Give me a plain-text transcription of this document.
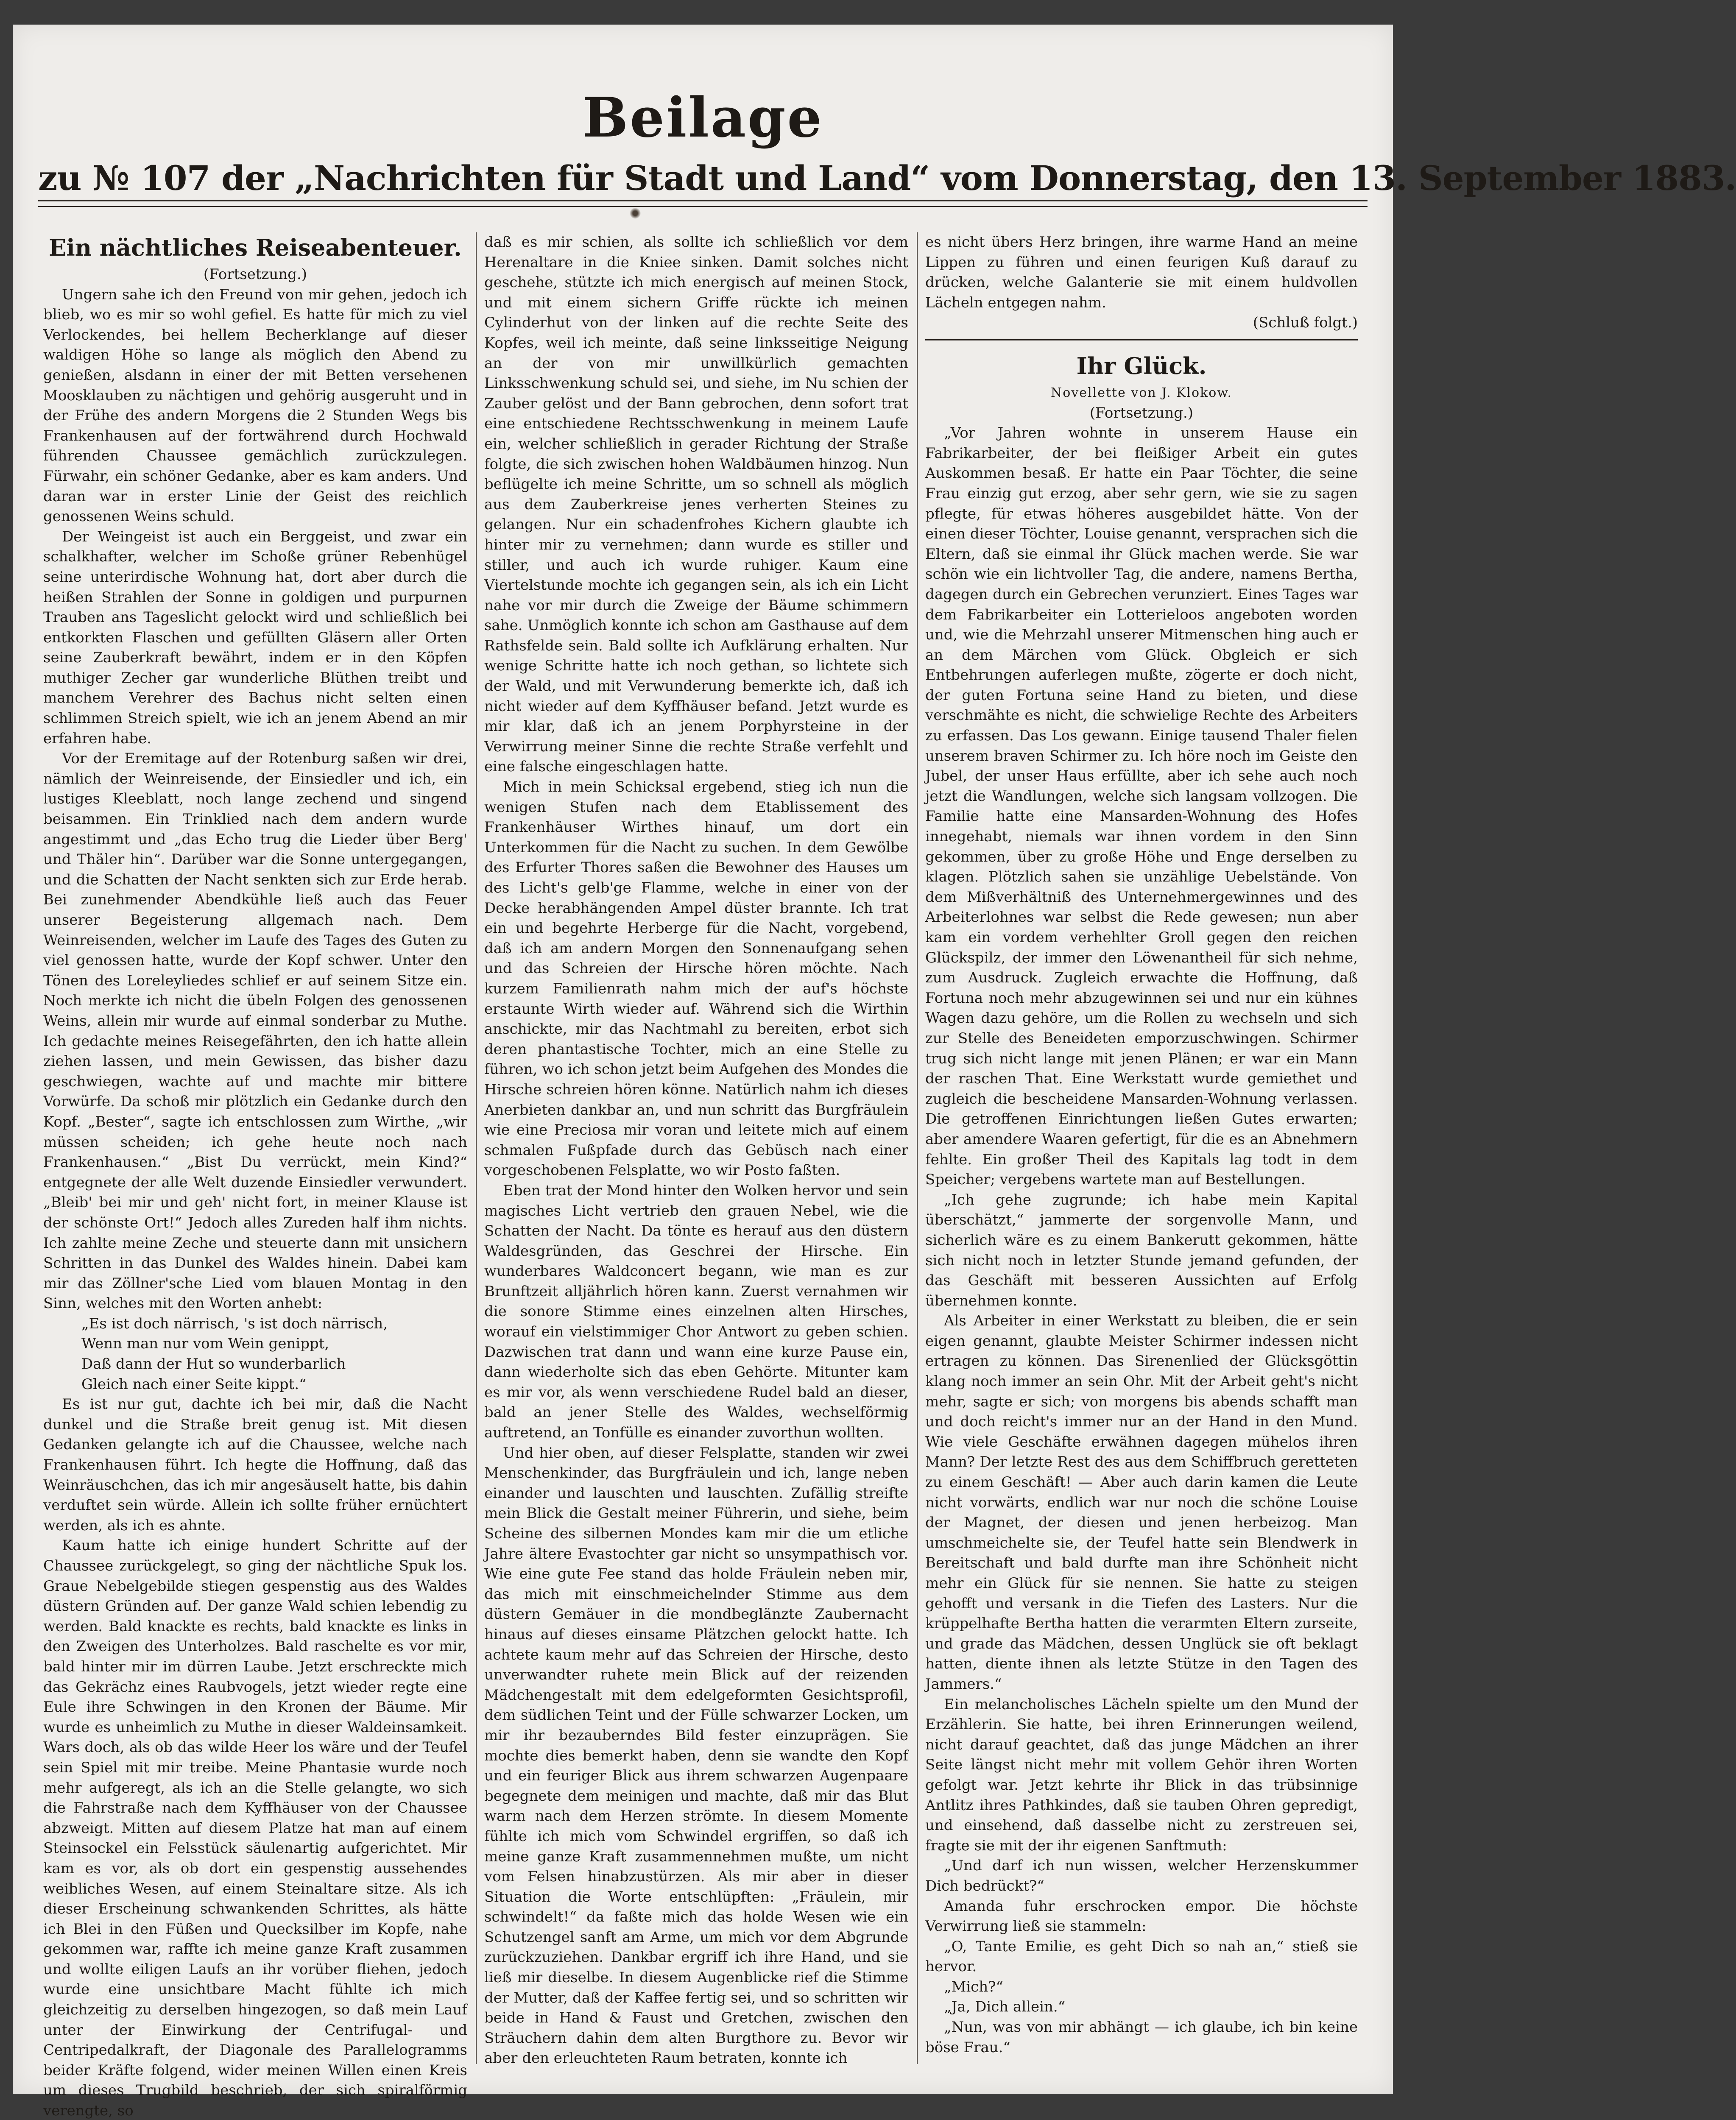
Beilage
zu № 107 der „Nachrichten für Stadt und Land“ vom Donnerstag, den 13. September 1883.
Ein nächtliches Reiseabenteuer.

(Fortsetzung.)

Ungern sahe ich den Freund von mir gehen, jedoch ich blieb, wo es mir so wohl gefiel. Es hatte für mich zu viel Verlockendes, bei hellem Becherklange auf dieser waldigen Höhe so lange als möglich den Abend zu genießen, alsdann in einer der mit Betten versehenen Moosklauben zu nächtigen und gehörig ausgeruht und in der Frühe des andern Morgens die 2 Stunden Wegs bis Frankenhausen auf der fortwährend durch Hochwald führenden Chaussee gemächlich zurückzulegen. Fürwahr, ein schöner Gedanke, aber es kam anders. Und daran war in erster Linie der Geist des reichlich genossenen Weins schuld.

Der Weingeist ist auch ein Berggeist, und zwar ein schalkhafter, welcher im Schoße grüner Rebenhügel seine unterirdische Wohnung hat, dort aber durch die heißen Strahlen der Sonne in goldigen und purpurnen Trauben ans Tageslicht gelockt wird und schließlich bei entkorkten Flaschen und gefüllten Gläsern aller Orten seine Zauberkraft bewährt, indem er in den Köpfen muthiger Zecher gar wunderliche Blüthen treibt und manchem Verehrer des Bachus nicht selten einen schlimmen Streich spielt, wie ich an jenem Abend an mir erfahren habe.

Vor der Eremitage auf der Rotenburg saßen wir drei, nämlich der Weinreisende, der Einsiedler und ich, ein lustiges Kleeblatt, noch lange zechend und singend beisammen. Ein Trinklied nach dem andern wurde angestimmt und „das Echo trug die Lieder über Berg' und Thäler hin“. Darüber war die Sonne untergegangen, und die Schatten der Nacht senkten sich zur Erde herab. Bei zunehmender Abendkühle ließ auch das Feuer unserer Begeisterung allgemach nach. Dem Weinreisenden, welcher im Laufe des Tages des Guten zu viel genossen hatte, wurde der Kopf schwer. Unter den Tönen des Loreleyliedes schlief er auf seinem Sitze ein. Noch merkte ich nicht die übeln Folgen des genossenen Weins, allein mir wurde auf einmal sonderbar zu Muthe. Ich gedachte meines Reisegefährten, den ich hatte allein ziehen lassen, und mein Gewissen, das bisher dazu geschwiegen, wachte auf und machte mir bittere Vorwürfe. Da schoß mir plötzlich ein Gedanke durch den Kopf. „Bester“, sagte ich entschlossen zum Wirthe, „wir müssen scheiden; ich gehe heute noch nach Frankenhausen.“ „Bist Du verrückt, mein Kind?“ entgegnete der alle Welt duzende Einsiedler verwundert. „Bleib' bei mir und geh' nicht fort, in meiner Klause ist der schönste Ort!“ Jedoch alles Zureden half ihm nichts. Ich zahlte meine Zeche und steuerte dann mit unsichern Schritten in das Dunkel des Waldes hinein. Dabei kam mir das Zöllner'sche Lied vom blauen Montag in den Sinn, welches mit den Worten anhebt:

„Es ist doch närrisch, 's ist doch närrisch,

Wenn man nur vom Wein genippt,

Daß dann der Hut so wunderbarlich

Gleich nach einer Seite kippt.“

Es ist nur gut, dachte ich bei mir, daß die Nacht dunkel und die Straße breit genug ist. Mit diesen Gedanken gelangte ich auf die Chaussee, welche nach Frankenhausen führt. Ich hegte die Hoffnung, daß das Weinräuschchen, das ich mir angesäuselt hatte, bis dahin verduftet sein würde. Allein ich sollte früher ernüchtert werden, als ich es ahnte.

Kaum hatte ich einige hundert Schritte auf der Chaussee zurückgelegt, so ging der nächtliche Spuk los. Graue Nebelgebilde stiegen gespenstig aus des Waldes düstern Gründen auf. Der ganze Wald schien lebendig zu werden. Bald knackte es rechts, bald knackte es links in den Zweigen des Unterholzes. Bald raschelte es vor mir, bald hinter mir im dürren Laube. Jetzt erschreckte mich das Gekrächz eines Raubvogels, jetzt wieder regte eine Eule ihre Schwingen in den Kronen der Bäume. Mir wurde es unheimlich zu Muthe in dieser Waldeinsamkeit. Wars doch, als ob das wilde Heer los wäre und der Teufel sein Spiel mit mir treibe. Meine Phantasie wurde noch mehr aufgeregt, als ich an die Stelle gelangte, wo sich die Fahrstraße nach dem Kyffhäuser von der Chaussee abzweigt. Mitten auf diesem Platze hat man auf einem Steinsockel ein Felsstück säulenartig aufgerichtet. Mir kam es vor, als ob dort ein gespenstig aussehendes weibliches Wesen, auf einem Steinaltare sitze. Als ich dieser Erscheinung schwankenden Schrittes, als hätte ich Blei in den Füßen und Quecksilber im Kopfe, nahe gekommen war, raffte ich meine ganze Kraft zusammen und wollte eiligen Laufs an ihr vorüber fliehen, jedoch wurde eine unsichtbare Macht fühlte ich mich gleichzeitig zu derselben hingezogen, so daß mein Lauf unter der Einwirkung der Centrifugal- und Centripedalkraft, der Diagonale des Parallelogramms beider Kräfte folgend, wider meinen Willen einen Kreis um dieses Trugbild beschrieb, der sich spiralförmig verengte, so

daß es mir schien, als sollte ich schließlich vor dem Herenaltare in die Kniee sinken. Damit solches nicht geschehe, stützte ich mich energisch auf meinen Stock, und mit einem sichern Griffe rückte ich meinen Cylinderhut von der linken auf die rechte Seite des Kopfes, weil ich meinte, daß seine linksseitige Neigung an der von mir unwillkürlich gemachten Linksschwenkung schuld sei, und siehe, im Nu schien der Zauber gelöst und der Bann gebrochen, denn sofort trat eine entschiedene Rechtsschwenkung in meinem Laufe ein, welcher schließlich in gerader Richtung der Straße folgte, die sich zwischen hohen Waldbäumen hinzog. Nun beflügelte ich meine Schritte, um so schnell als möglich aus dem Zauberkreise jenes verherten Steines zu gelangen. Nur ein schadenfrohes Kichern glaubte ich hinter mir zu vernehmen; dann wurde es stiller und stiller, und auch ich wurde ruhiger. Kaum eine Viertelstunde mochte ich gegangen sein, als ich ein Licht nahe vor mir durch die Zweige der Bäume schimmern sahe. Unmöglich konnte ich schon am Gasthause auf dem Rathsfelde sein. Bald sollte ich Aufklärung erhalten. Nur wenige Schritte hatte ich noch gethan, so lichtete sich der Wald, und mit Verwunderung bemerkte ich, daß ich nicht wieder auf dem Kyffhäuser befand. Jetzt wurde es mir klar, daß ich an jenem Porphyrsteine in der Verwirrung meiner Sinne die rechte Straße verfehlt und eine falsche eingeschlagen hatte.

Mich in mein Schicksal ergebend, stieg ich nun die wenigen Stufen nach dem Etablissement des Frankenhäuser Wirthes hinauf, um dort ein Unterkommen für die Nacht zu suchen. In dem Gewölbe des Erfurter Thores saßen die Bewohner des Hauses um des Licht's gelb'ge Flamme, welche in einer von der Decke herabhängenden Ampel düster brannte. Ich trat ein und begehrte Herberge für die Nacht, vorgebend, daß ich am andern Morgen den Sonnenaufgang sehen und das Schreien der Hirsche hören möchte. Nach kurzem Familienrath nahm mich der auf's höchste erstaunte Wirth wieder auf. Während sich die Wirthin anschickte, mir das Nachtmahl zu bereiten, erbot sich deren phantastische Tochter, mich an eine Stelle zu führen, wo ich schon jetzt beim Aufgehen des Mondes die Hirsche schreien hören könne. Natürlich nahm ich dieses Anerbieten dankbar an, und nun schritt das Burgfräulein wie eine Preciosa mir voran und leitete mich auf einem schmalen Fußpfade durch das Gebüsch nach einer vorgeschobenen Felsplatte, wo wir Posto faßten.

Eben trat der Mond hinter den Wolken hervor und sein magisches Licht vertrieb den grauen Nebel, wie die Schatten der Nacht. Da tönte es herauf aus den düstern Waldesgründen, das Geschrei der Hirsche. Ein wunderbares Waldconcert begann, wie man es zur Brunftzeit alljährlich hören kann. Zuerst vernahmen wir die sonore Stimme eines einzelnen alten Hirsches, worauf ein vielstimmiger Chor Antwort zu geben schien. Dazwischen trat dann und wann eine kurze Pause ein, dann wiederholte sich das eben Gehörte. Mitunter kam es mir vor, als wenn verschiedene Rudel bald an dieser, bald an jener Stelle des Waldes, wechselförmig auftretend, an Tonfülle es einander zuvorthun wollten.

Und hier oben, auf dieser Felsplatte, standen wir zwei Menschenkinder, das Burgfräulein und ich, lange neben einander und lauschten und lauschten. Zufällig streifte mein Blick die Gestalt meiner Führerin, und siehe, beim Scheine des silbernen Mondes kam mir die um etliche Jahre ältere Evastochter gar nicht so unsympathisch vor. Wie eine gute Fee stand das holde Fräulein neben mir, das mich mit einschmeichelnder Stimme aus dem düstern Gemäuer in die mondbeglänzte Zaubernacht hinaus auf dieses einsame Plätzchen gelockt hatte. Ich achtete kaum mehr auf das Schreien der Hirsche, desto unverwandter ruhete mein Blick auf der reizenden Mädchengestalt mit dem edelgeformten Gesichtsprofil, dem südlichen Teint und der Fülle schwarzer Locken, um mir ihr bezauberndes Bild fester einzuprägen. Sie mochte dies bemerkt haben, denn sie wandte den Kopf und ein feuriger Blick aus ihrem schwarzen Augenpaare begegnete dem meinigen und machte, daß mir das Blut warm nach dem Herzen strömte. In diesem Momente fühlte ich mich vom Schwindel ergriffen, so daß ich meine ganze Kraft zusammennehmen mußte, um nicht vom Felsen hinabzustürzen. Als mir aber in dieser Situation die Worte entschlüpften: „Fräulein, mir schwindelt!“ da faßte mich das holde Wesen wie ein Schutzengel sanft am Arme, um mich vor dem Abgrunde zurückzuziehen. Dankbar ergriff ich ihre Hand, und sie ließ mir dieselbe. In diesem Augenblicke rief die Stimme der Mutter, daß der Kaffee fertig sei, und so schritten wir beide in Hand & Faust und Gretchen, zwischen den Sträuchern dahin dem alten Burgthore zu. Bevor wir aber den erleuchteten Raum betraten, konnte ich

es nicht übers Herz bringen, ihre warme Hand an meine Lippen zu führen und einen feurigen Kuß darauf zu drücken, welche Galanterie sie mit einem huldvollen Lächeln entgegen nahm.

(Schluß folgt.)

Ihr Glück.

Novellette von J. Klokow.

(Fortsetzung.)

„Vor Jahren wohnte in unserem Hause ein Fabrikarbeiter, der bei fleißiger Arbeit ein gutes Auskommen besaß. Er hatte ein Paar Töchter, die seine Frau einzig gut erzog, aber sehr gern, wie sie zu sagen pflegte, für etwas höheres ausgebildet hätte. Von der einen dieser Töchter, Louise genannt, versprachen sich die Eltern, daß sie einmal ihr Glück machen werde. Sie war schön wie ein lichtvoller Tag, die andere, namens Bertha, dagegen durch ein Gebrechen verunziert. Eines Tages war dem Fabrikarbeiter ein Lotterieloos angeboten worden und, wie die Mehrzahl unserer Mitmenschen hing auch er an dem Märchen vom Glück. Obgleich er sich Entbehrungen auferlegen mußte, zögerte er doch nicht, der guten Fortuna seine Hand zu bieten, und diese verschmähte es nicht, die schwielige Rechte des Arbeiters zu erfassen. Das Los gewann. Einige tausend Thaler fielen unserem braven Schirmer zu. Ich höre noch im Geiste den Jubel, der unser Haus erfüllte, aber ich sehe auch noch jetzt die Wandlungen, welche sich langsam vollzogen. Die Familie hatte eine Mansarden-Wohnung des Hofes innegehabt, niemals war ihnen vordem in den Sinn gekommen, über zu große Höhe und Enge derselben zu klagen. Plötzlich sahen sie unzählige Uebelstände. Von dem Mißverhältniß des Unternehmergewinnes und des Arbeiterlohnes war selbst die Rede gewesen; nun aber kam ein vordem verhehlter Groll gegen den reichen Glückspilz, der immer den Löwenantheil für sich nehme, zum Ausdruck. Zugleich erwachte die Hoffnung, daß Fortuna noch mehr abzugewinnen sei und nur ein kühnes Wagen dazu gehöre, um die Rollen zu wechseln und sich zur Stelle des Beneideten emporzuschwingen. Schirmer trug sich nicht lange mit jenen Plänen; er war ein Mann der raschen That. Eine Werkstatt wurde gemiethet und zugleich die bescheidene Mansarden-Wohnung verlassen. Die getroffenen Einrichtungen ließen Gutes erwarten; aber amendere Waaren gefertigt, für die es an Abnehmern fehlte. Ein großer Theil des Kapitals lag todt in dem Speicher; vergebens wartete man auf Bestellungen.

„Ich gehe zugrunde; ich habe mein Kapital überschätzt,“ jammerte der sorgenvolle Mann, und sicherlich wäre es zu einem Bankerutt gekommen, hätte sich nicht noch in letzter Stunde jemand gefunden, der das Geschäft mit besseren Aussichten auf Erfolg übernehmen konnte.

Als Arbeiter in einer Werkstatt zu bleiben, die er sein eigen genannt, glaubte Meister Schirmer indessen nicht ertragen zu können. Das Sirenenlied der Glücksgöttin klang noch immer an sein Ohr. Mit der Arbeit geht's nicht mehr, sagte er sich; von morgens bis abends schafft man und doch reicht's immer nur an der Hand in den Mund. Wie viele Geschäfte erwähnen dagegen mühelos ihren Mann? Der letzte Rest des aus dem Schiffbruch geretteten zu einem Geschäft! — Aber auch darin kamen die Leute nicht vorwärts, endlich war nur noch die schöne Louise der Magnet, der diesen und jenen herbeizog. Man umschmeichelte sie, der Teufel hatte sein Blendwerk in Bereitschaft und bald durfte man ihre Schönheit nicht mehr ein Glück für sie nennen. Sie hatte zu steigen gehofft und versank in die Tiefen des Lasters. Nur die krüppelhafte Bertha hatten die verarmten Eltern zurseite, und grade das Mädchen, dessen Unglück sie oft beklagt hatten, diente ihnen als letzte Stütze in den Tagen des Jammers.“

Ein melancholisches Lächeln spielte um den Mund der Erzählerin. Sie hatte, bei ihren Erinnerungen weilend, nicht darauf geachtet, daß das junge Mädchen an ihrer Seite längst nicht mehr mit vollem Gehör ihren Worten gefolgt war. Jetzt kehrte ihr Blick in das trübsinnige Antlitz ihres Pathkindes, daß sie tauben Ohren gepredigt, und einsehend, daß dasselbe nicht zu zerstreuen sei, fragte sie mit der ihr eigenen Sanftmuth:

„Und darf ich nun wissen, welcher Herzenskummer Dich bedrückt?“

Amanda fuhr erschrocken empor. Die höchste Verwirrung ließ sie stammeln:

„O, Tante Emilie, es geht Dich so nah an,“ stieß sie hervor.

„Mich?“

„Ja, Dich allein.“

„Nun, was von mir abhängt — ich glaube, ich bin keine böse Frau.“
